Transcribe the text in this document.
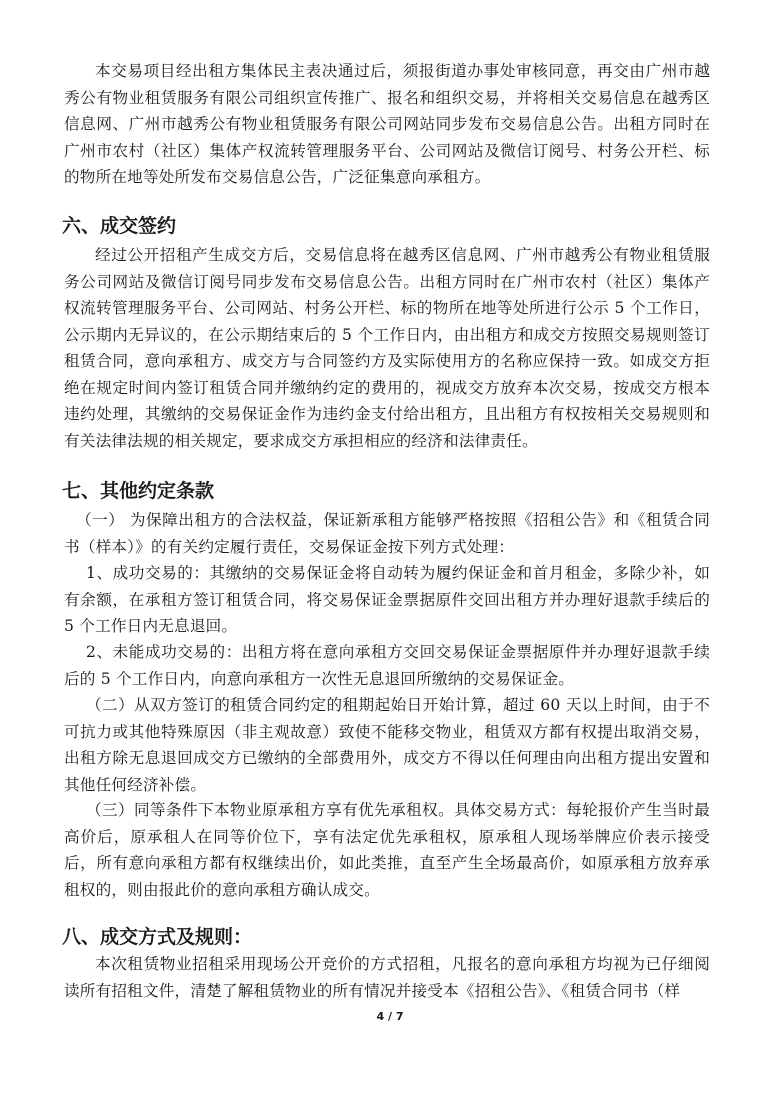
本交易项目经出租方集体民主表决通过后，须报街道办事处审核同意，再交由广州市越秀公有物业租赁服务有限公司组织宣传推广、报名和组织交易，并将相关交易信息在越秀区信息网、广州市越秀公有物业租赁服务有限公司网站同步发布交易信息公告。出租方同时在广州市农村（社区）集体产权流转管理服务平台、公司网站及微信订阅号、村务公开栏、标的物所在地等处所发布交易信息公告，广泛征集意向承租方。

六、成交签约

经过公开招租产生成交方后，交易信息将在越秀区信息网、广州市越秀公有物业租赁服务公司网站及微信订阅号同步发布交易信息公告。出租方同时在广州市农村（社区）集体产权流转管理服务平台、公司网站、村务公开栏、标的物所在地等处所进行公示 5 个工作日，公示期内无异议的，在公示期结束后的 5 个工作日内，由出租方和成交方按照交易规则签订租赁合同，意向承租方、成交方与合同签约方及实际使用方的名称应保持一致。如成交方拒绝在规定时间内签订租赁合同并缴纳约定的费用的，视成交方放弃本次交易，按成交方根本违约处理，其缴纳的交易保证金作为违约金支付给出租方，且出租方有权按相关交易规则和有关法律法规的相关规定，要求成交方承担相应的经济和法律责任。

七、其他约定条款

（一） 为保障出租方的合法权益，保证新承租方能够严格按照《招租公告》和《租赁合同书（样本）》的有关约定履行责任，交易保证金按下列方式处理：

1、成功交易的：其缴纳的交易保证金将自动转为履约保证金和首月租金，多除少补，如有余额，在承租方签订租赁合同，将交易保证金票据原件交回出租方并办理好退款手续后的 5 个工作日内无息退回。

2、未能成功交易的：出租方将在意向承租方交回交易保证金票据原件并办理好退款手续后的 5 个工作日内，向意向承租方一次性无息退回所缴纳的交易保证金。

（二）从双方签订的租赁合同约定的租期起始日开始计算，超过 60 天以上时间，由于不可抗力或其他特殊原因（非主观故意）致使不能移交物业，租赁双方都有权提出取消交易，出租方除无息退回成交方已缴纳的全部费用外，成交方不得以任何理由向出租方提出安置和其他任何经济补偿。

（三）同等条件下本物业原承租方享有优先承租权。具体交易方式：每轮报价产生当时最高价后，原承租人在同等价位下，享有法定优先承租权，原承租人现场举牌应价表示接受后，所有意向承租方都有权继续出价，如此类推，直至产生全场最高价，如原承租方放弃承租权的，则由报此价的意向承租方确认成交。

八、成交方式及规则：

本次租赁物业招租采用现场公开竞价的方式招租，凡报名的意向承租方均视为已仔细阅读所有招租文件，清楚了解租赁物业的所有情况并接受本《招租公告》、《租赁合同书（样

4 / 7
